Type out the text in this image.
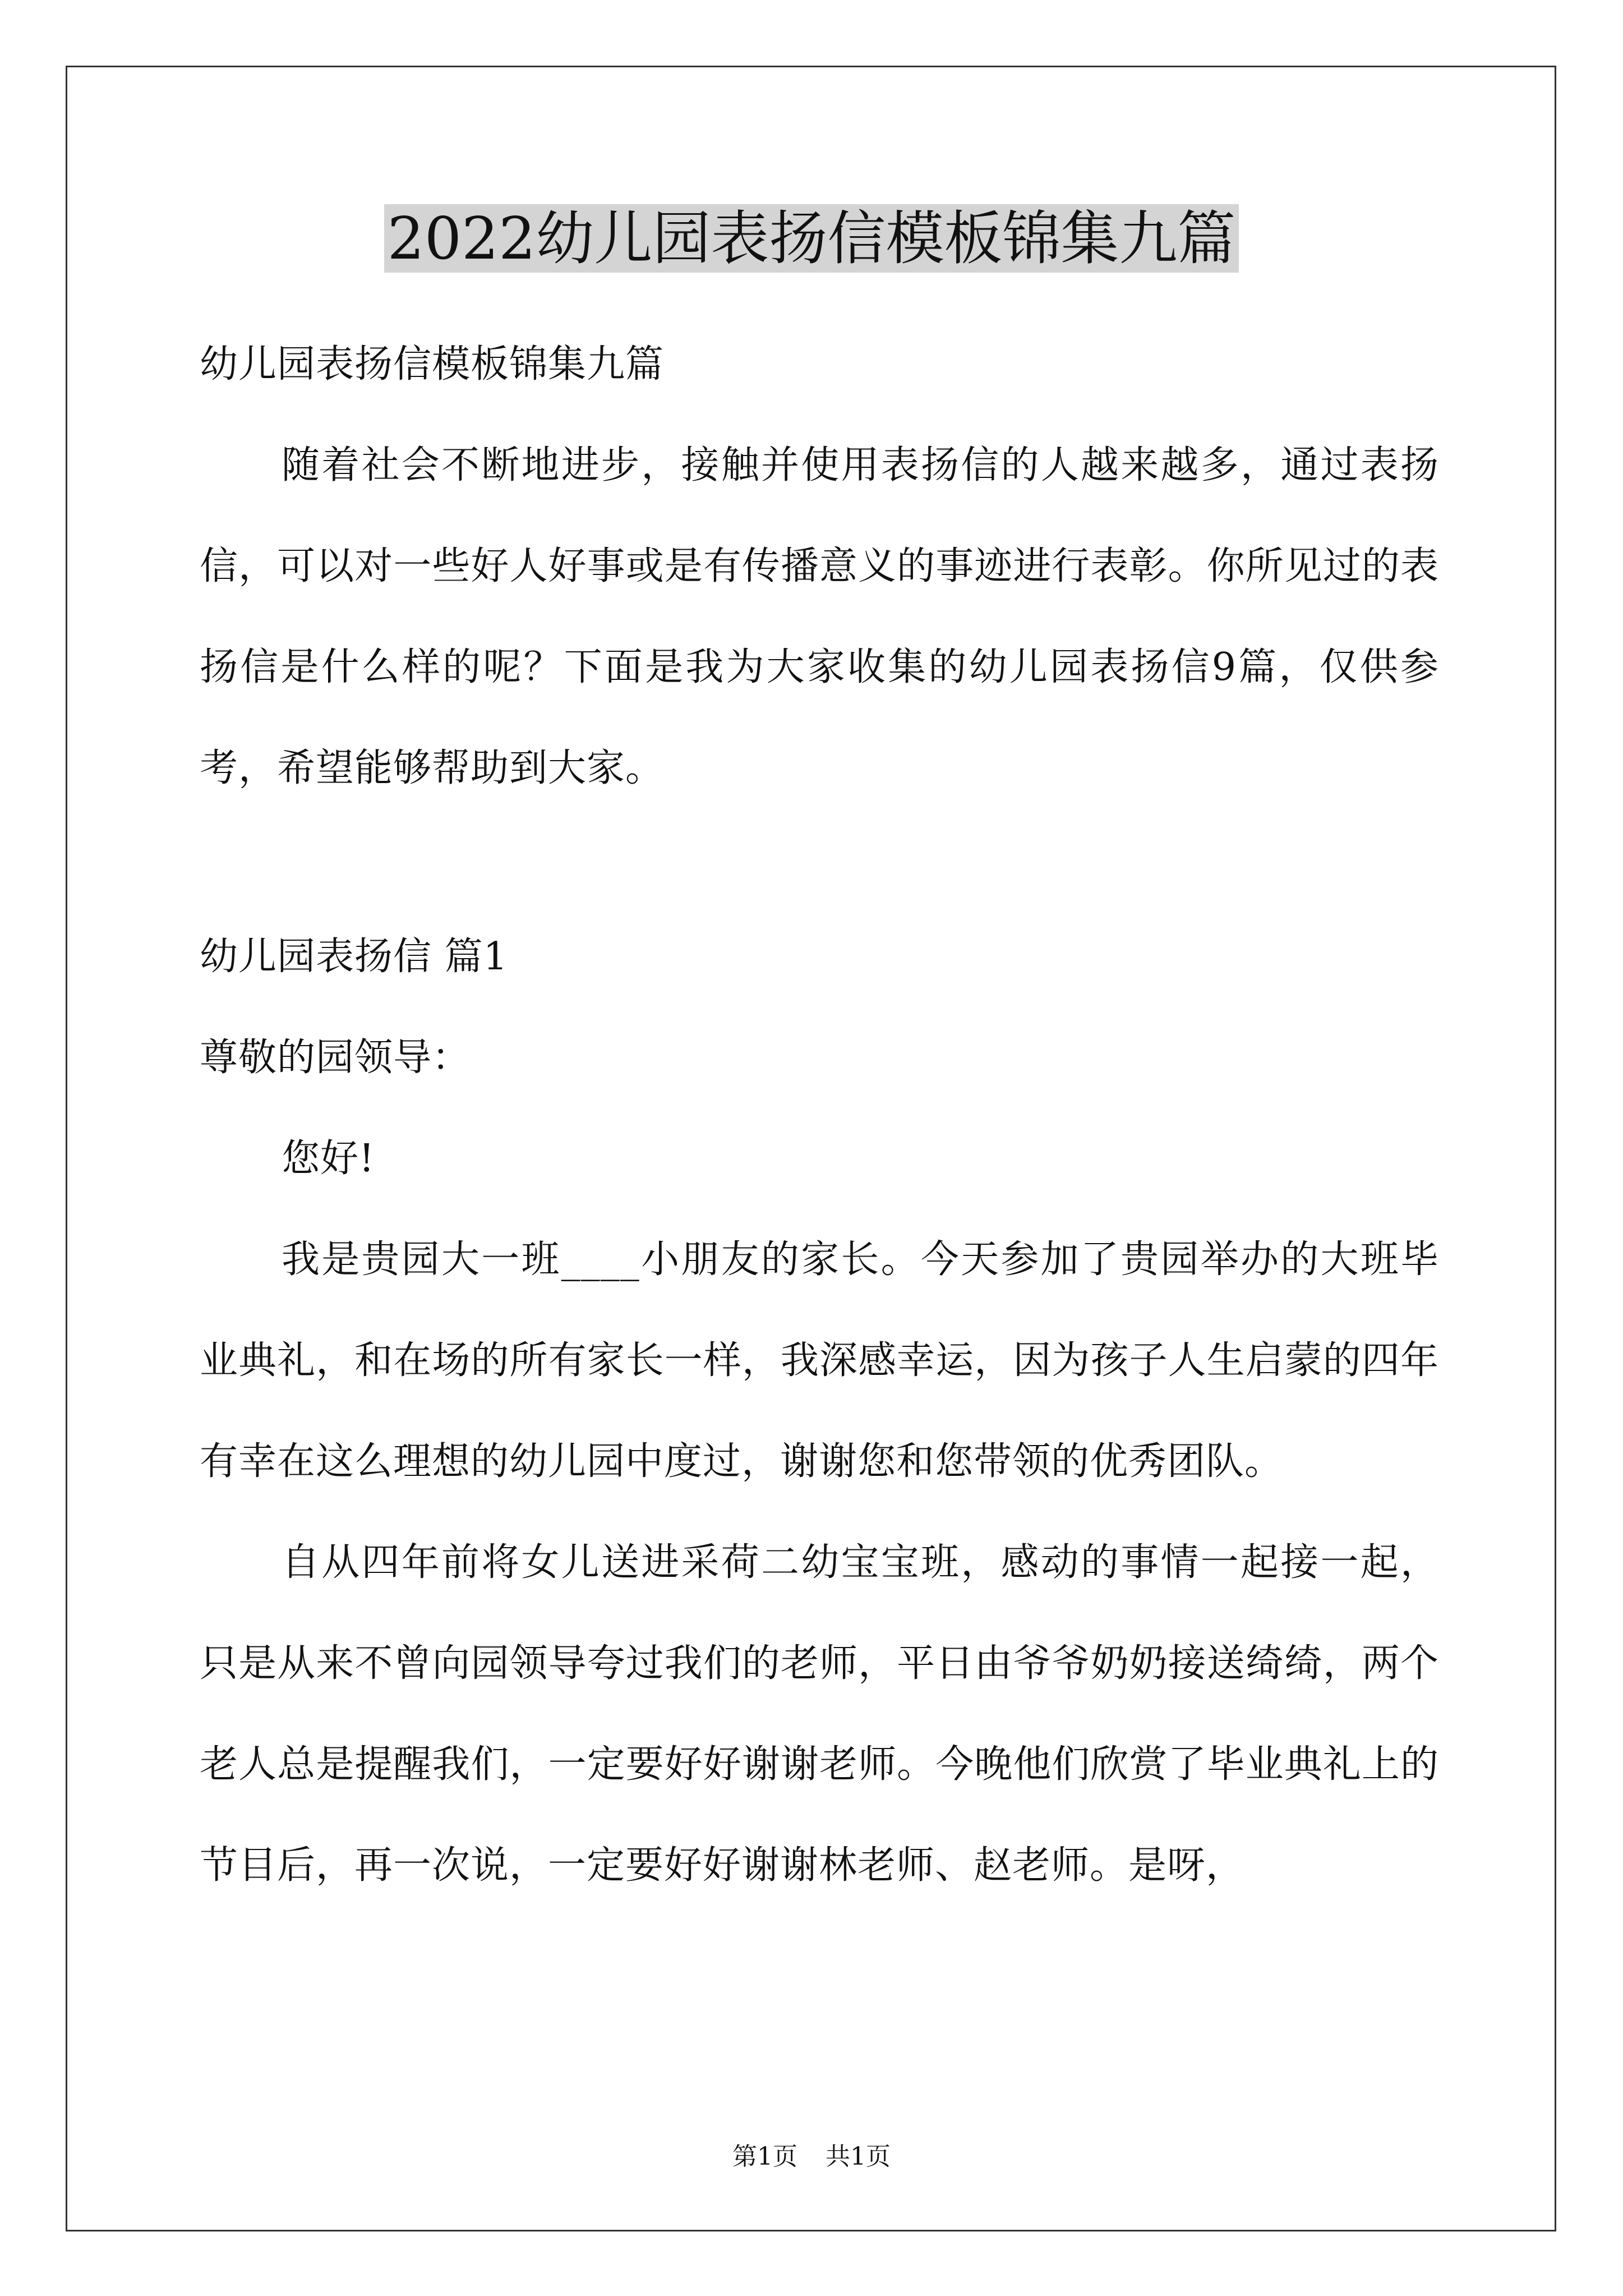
2022幼儿园表扬信模板锦集九篇

幼儿园表扬信模板锦集九篇

随着社会不断地进步，接触并使用表扬信的人越来越多，通过表扬信，可以对一些好人好事或是有传播意义的事迹进行表彰。你所见过的表扬信是什么样的呢？下面是我为大家收集的幼儿园表扬信9篇，仅供参考，希望能够帮助到大家。

幼儿园表扬信 篇1

尊敬的园领导：

您好!

我是贵园大一班____小朋友的家长。今天参加了贵园举办的大班毕业典礼，和在场的所有家长一样，我深感幸运，因为孩子人生启蒙的四年有幸在这么理想的幼儿园中度过，谢谢您和您带领的优秀团队。

自从四年前将女儿送进采荷二幼宝宝班，感动的事情一起接一起，只是从来不曾向园领导夸过我们的老师，平日由爷爷奶奶接送绮绮，两个老人总是提醒我们，一定要好好谢谢老师。今晚他们欣赏了毕业典礼上的节目后，再一次说，一定要好好谢谢林老师、赵老师。是呀，

第1页 共1页
